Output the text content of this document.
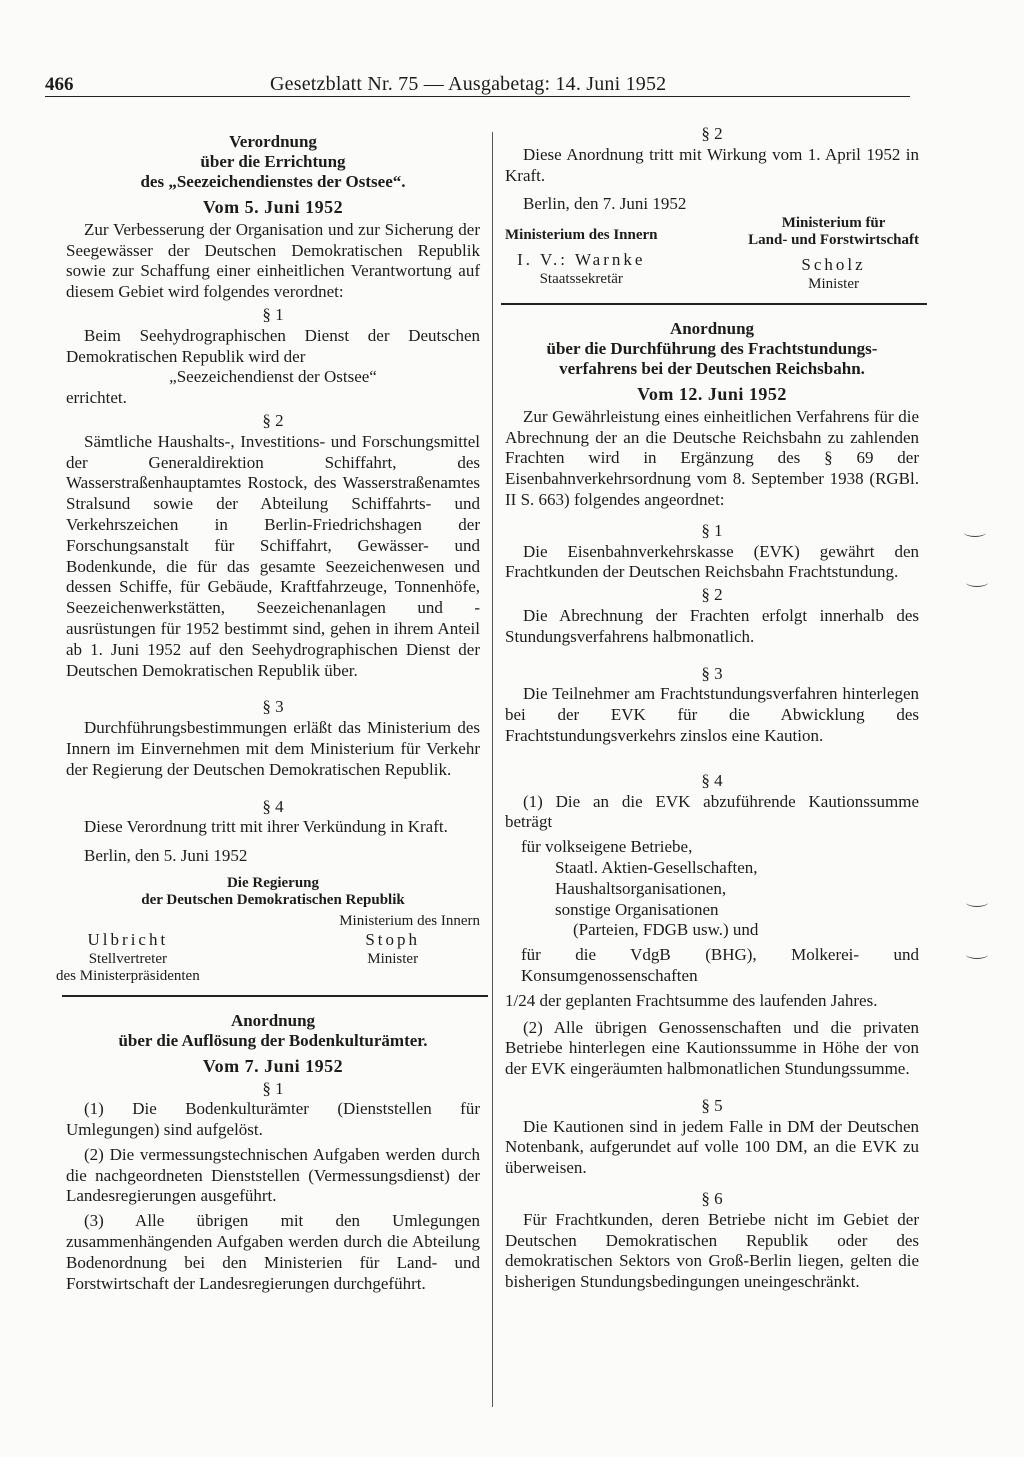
466	Gesetzblatt Nr. 75 — Ausgabetag: 14. Juni 1952
Verordnung
über die Errichtung
des „Seezeichendienstes der Ostsee“.
Vom 5. Juni 1952

Zur Verbesserung der Organisation und zur Sicherung der Seegewässer der Deutschen Demokratischen Republik sowie zur Schaffung einer einheitlichen Verantwortung auf diesem Gebiet wird folgendes verordnet:

§ 1

Beim Seehydrographischen Dienst der Deutschen Demokratischen Republik wird der

„Seezeichendienst der Ostsee“

errichtet.

§ 2

Sämtliche Haushalts-, Investitions- und Forschungsmittel der Generaldirektion Schiffahrt, des Wasserstraßenhauptamtes Rostock, des Wasserstraßenamtes Stralsund sowie der Abteilung Schiffahrts- und Verkehrszeichen in Berlin-Friedrichshagen der Forschungsanstalt für Schiffahrt, Gewässer- und Bodenkunde, die für das gesamte Seezeichenwesen und dessen Schiffe, für Gebäude, Kraftfahrzeuge, Tonnenhöfe, Seezeichenwerkstätten, Seezeichenanlagen und -ausrüstungen für 1952 bestimmt sind, gehen in ihrem Anteil ab 1. Juni 1952 auf den Seehydrographischen Dienst der Deutschen Demokratischen Republik über.

§ 3

Durchführungsbestimmungen erläßt das Ministerium des Innern im Einvernehmen mit dem Ministerium für Verkehr der Regierung der Deutschen Demokratischen Republik.

§ 4

Diese Verordnung tritt mit ihrer Verkündung in Kraft.

Berlin, den 5. Juni 1952

Die Regierung
der Deutschen Demokratischen Republik
Ministerium des Innern
Ulbricht
Stellvertreter
des Ministerpräsidenten
Stoph
Minister
Anordnung
über die Auflösung der Bodenkulturämter.
Vom 7. Juni 1952
§ 1

(1) Die Bodenkulturämter (Dienststellen für Umlegungen) sind aufgelöst.

(2) Die vermessungstechnischen Aufgaben werden durch die nachgeordneten Dienststellen (Vermessungsdienst) der Landesregierungen ausgeführt.

(3) Alle übrigen mit den Umlegungen zusammenhängenden Aufgaben werden durch die Abteilung Bodenordnung bei den Ministerien für Land- und Forstwirtschaft der Landesregierungen durchgeführt.

§ 2

Diese Anordnung tritt mit Wirkung vom 1. April 1952 in Kraft.

Berlin, den 7. Juni 1952

Ministerium des Innern
I. V.: Warnke
Staatssekretär
Ministerium für
Land- und Forstwirtschaft
Scholz
Minister
Anordnung
über die Durchführung des Frachtstundungs-
verfahrens bei der Deutschen Reichsbahn.
Vom 12. Juni 1952

Zur Gewährleistung eines einheitlichen Verfahrens für die Abrechnung der an die Deutsche Reichsbahn zu zahlenden Frachten wird in Ergänzung des § 69 der Eisenbahnverkehrsordnung vom 8. September 1938 (RGBl. II S. 663) folgendes angeordnet:

§ 1

Die Eisenbahnverkehrskasse (EVK) gewährt den Frachtkunden der Deutschen Reichsbahn Frachtstundung.

§ 2

Die Abrechnung der Frachten erfolgt innerhalb des Stundungsverfahrens halbmonatlich.

§ 3

Die Teilnehmer am Frachtstundungsverfahren hinterlegen bei der EVK für die Abwicklung des Frachtstundungsverkehrs zinslos eine Kaution.

§ 4

(1) Die an die EVK abzuführende Kautionssumme beträgt

für volkseigene Betriebe,
Staatl. Aktien-Gesellschaften,
Haushaltsorganisationen,
sonstige Organisationen
(Parteien, FDGB usw.) und

für die VdgB (BHG), Molkerei- und Konsumgenossenschaften

1/24 der geplanten Frachtsumme des laufenden Jahres.

(2) Alle übrigen Genossenschaften und die privaten Betriebe hinterlegen eine Kautionssumme in Höhe der von der EVK eingeräumten halbmonatlichen Stundungssumme.

§ 5

Die Kautionen sind in jedem Falle in DM der Deutschen Notenbank, aufgerundet auf volle 100 DM, an die EVK zu überweisen.

§ 6

Für Frachtkunden, deren Betriebe nicht im Gebiet der Deutschen Demokratischen Republik oder des demokratischen Sektors von Groß-Berlin liegen, gelten die bisherigen Stundungsbedingungen uneingeschränkt.
